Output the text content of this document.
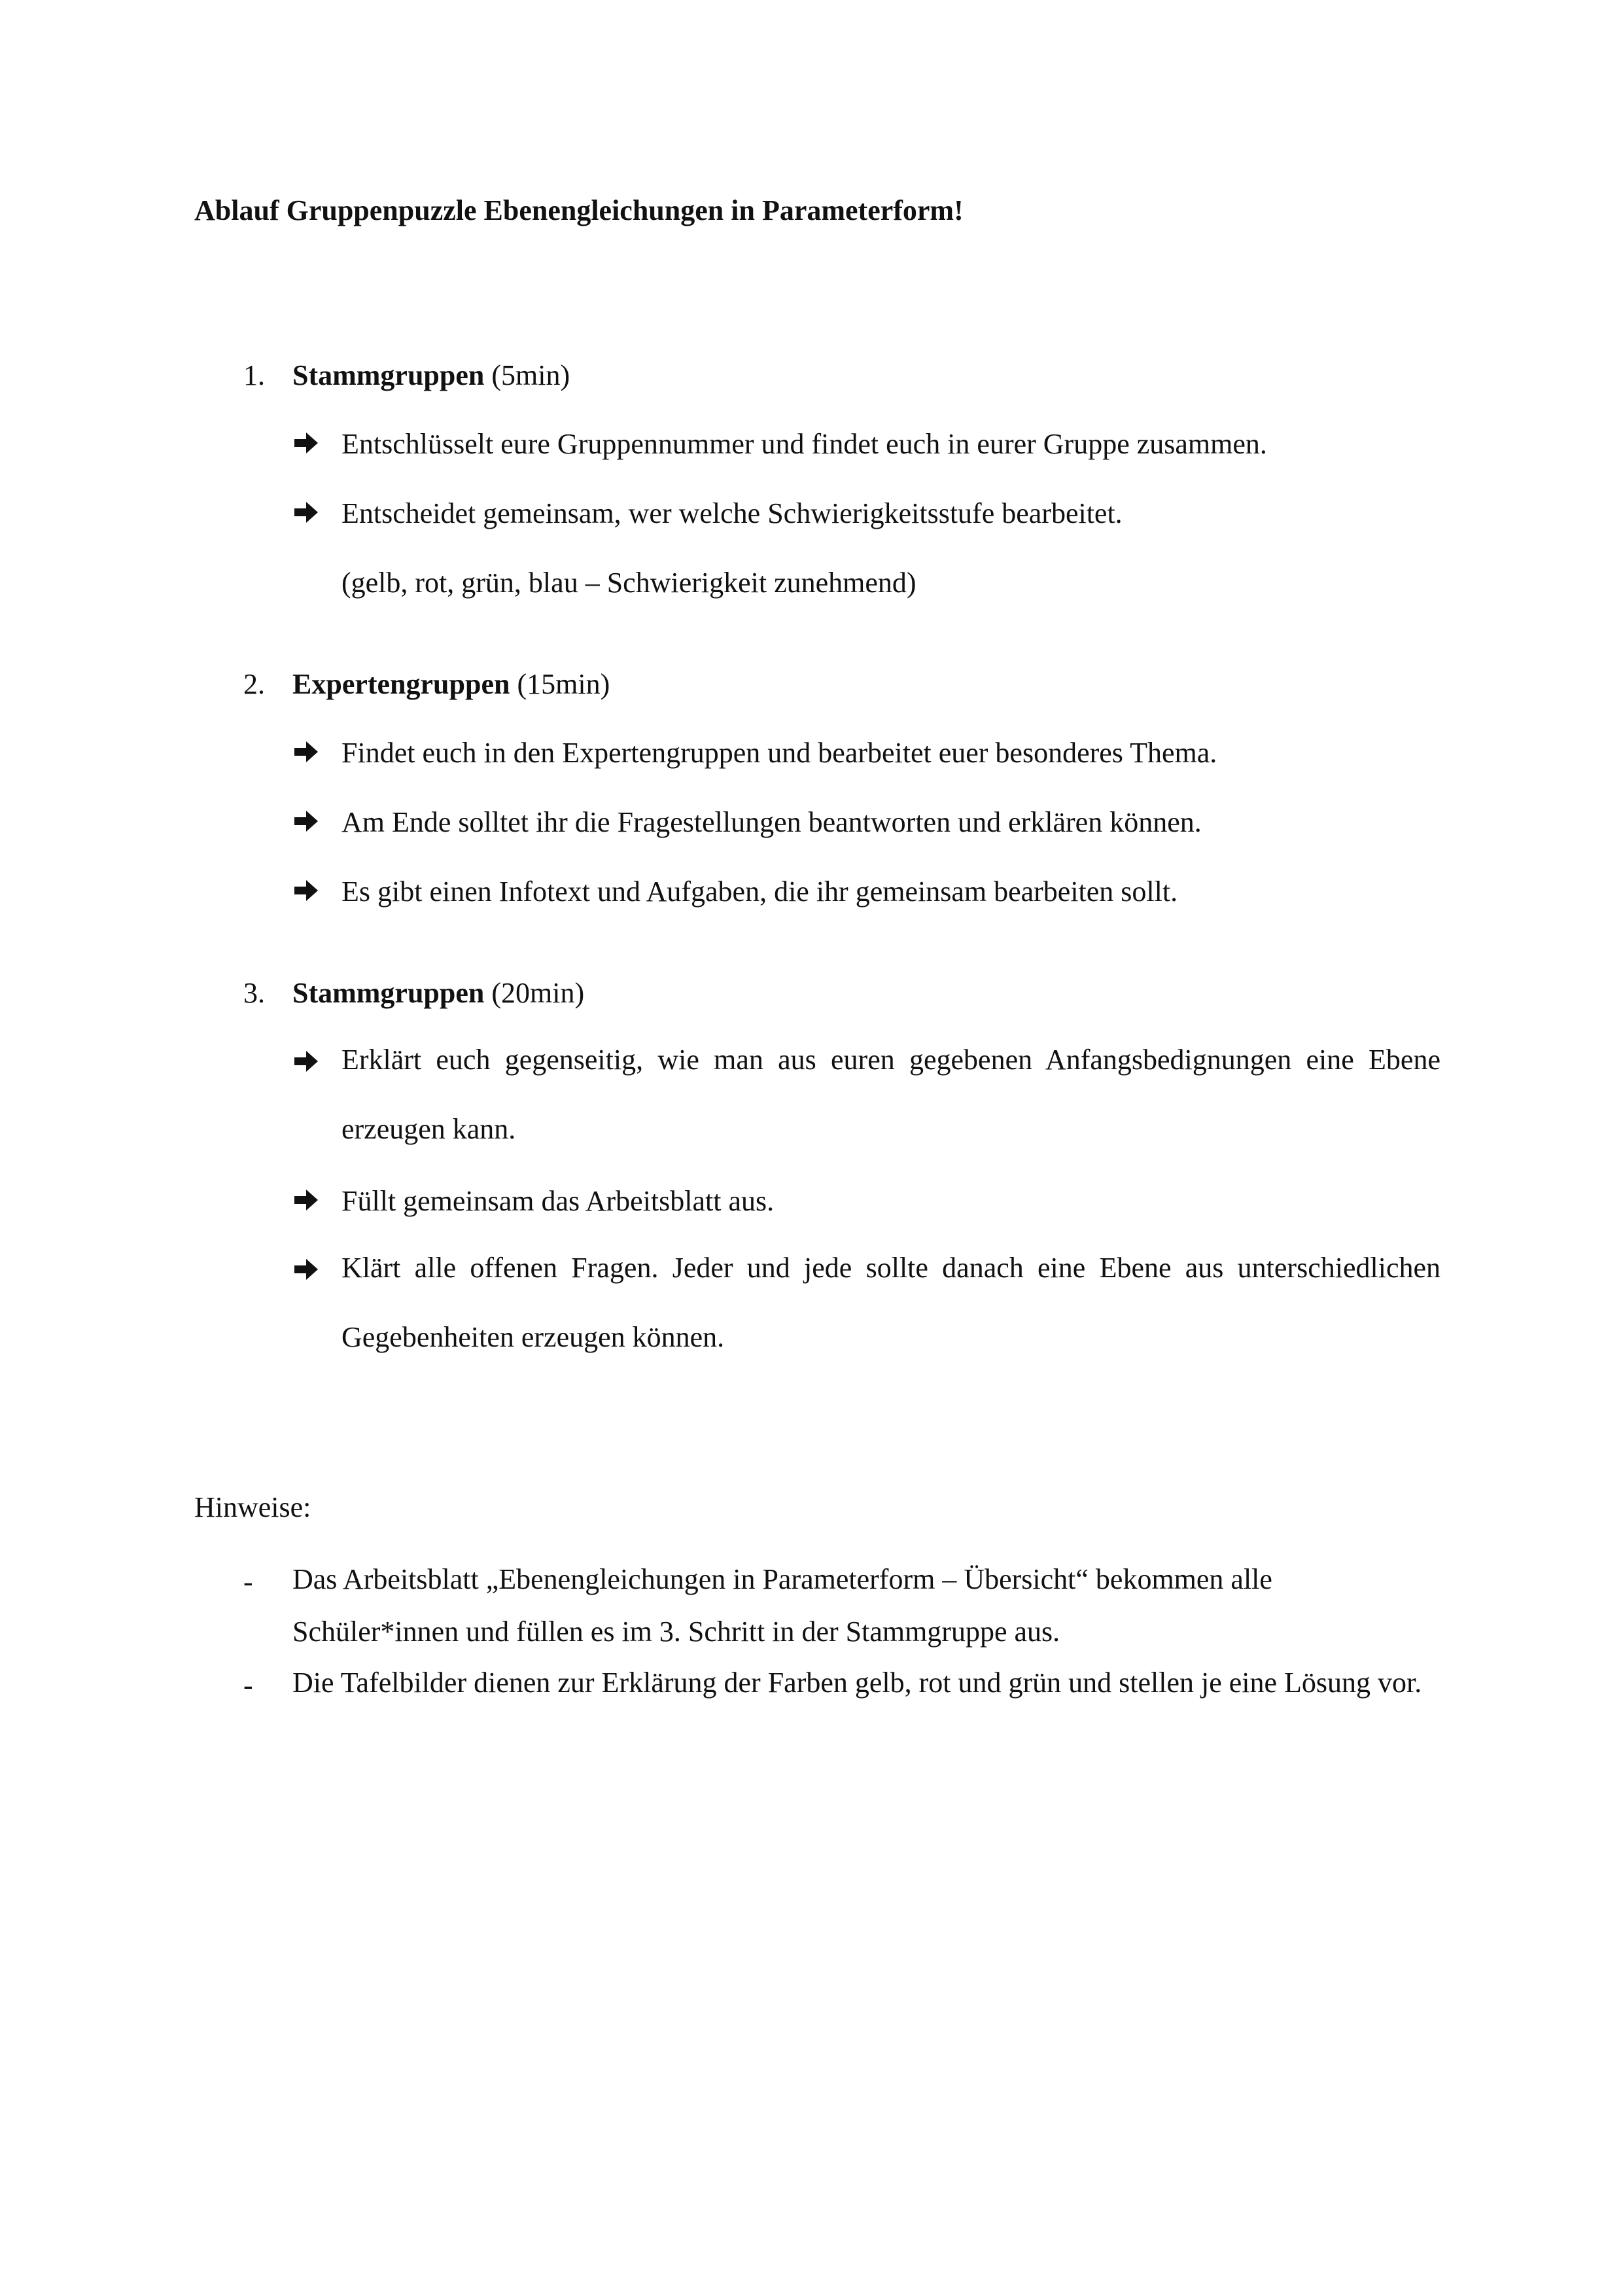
Ablauf Gruppenpuzzle Ebenengleichungen in Parameterform!
1. Stammgruppen (5min)
Entschlüsselt eure Gruppennummer und findet euch in eurer Gruppe zusammen.
Entscheidet gemeinsam, wer welche Schwierigkeitsstufe bearbeitet.
(gelb, rot, grün, blau – Schwierigkeit zunehmend)
2. Expertengruppen (15min)
Findet euch in den Expertengruppen und bearbeitet euer besonderes Thema.
Am Ende solltet ihr die Fragestellungen beantworten und erklären können.
Es gibt einen Infotext und Aufgaben, die ihr gemeinsam bearbeiten sollt.
3. Stammgruppen (20min)
Erklärt euch gegenseitig, wie man aus euren gegebenen Anfangsbedignungen eine Ebene erzeugen kann.
Füllt gemeinsam das Arbeitsblatt aus.
Klärt alle offenen Fragen. Jeder und jede sollte danach eine Ebene aus unterschiedlichen Gegebenheiten erzeugen können.
Hinweise:
- Das Arbeitsblatt „Ebenengleichungen in Parameterform – Übersicht“ bekommen alle Schüler*innen und füllen es im 3. Schritt in der Stammgruppe aus.
- Die Tafelbilder dienen zur Erklärung der Farben gelb, rot und grün und stellen je eine Lösung vor.
